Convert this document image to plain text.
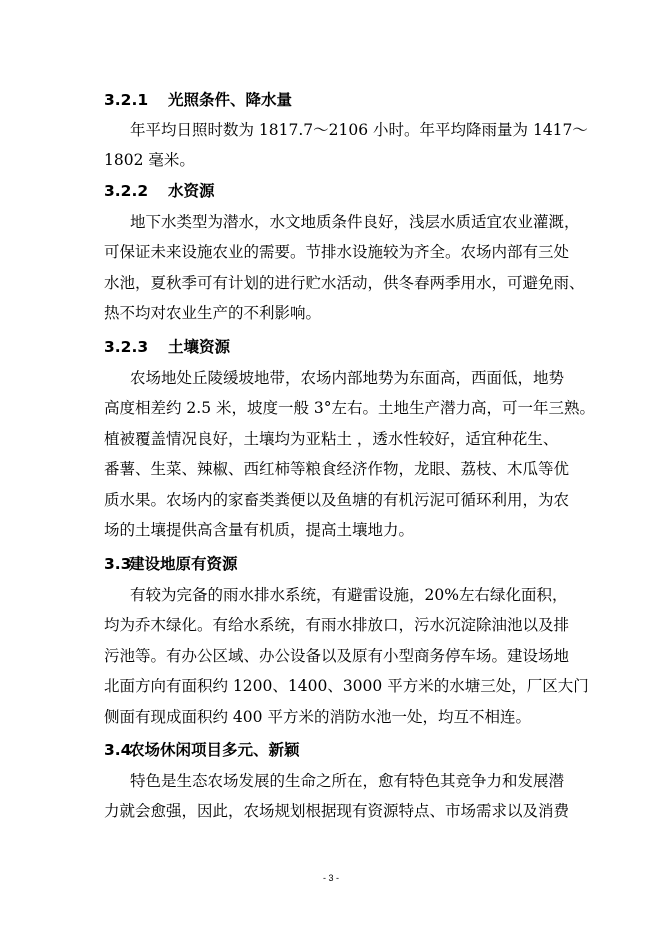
3.2.1 光照条件、降水量
年平均日照时数为 1817.7～2106 小时。年平均降雨量为 1417～
1802 毫米。
3.2.2 水资源
地下水类型为潜水，水文地质条件良好，浅层水质适宜农业灌溉，
可保证未来设施农业的需要。节排水设施较为齐全。农场内部有三处
水池，夏秋季可有计划的进行贮水活动，供冬春两季用水，可避免雨、
热不均对农业生产的不利影响。
3.2.3 土壤资源
农场地处丘陵缓坡地带，农场内部地势为东面高，西面低，地势
高度相差约 2.5 米，坡度一般 3°左右。土地生产潜力高，可一年三熟。
植被覆盖情况良好，土壤均为亚粘土 ，透水性较好，适宜种花生、
番薯、生菜、辣椒、西红柿等粮食经济作物，龙眼、荔枝、木瓜等优
质水果。农场内的家畜类粪便以及鱼塘的有机污泥可循环利用，为农
场的土壤提供高含量有机质，提高土壤地力。
3.3建设地原有资源
有较为完备的雨水排水系统，有避雷设施，20%左右绿化面积，
均为乔木绿化。有给水系统，有雨水排放口，污水沉淀除油池以及排
污池等。有办公区域、办公设备以及原有小型商务停车场。建设场地
北面方向有面积约 1200、1400、3000 平方米的水塘三处，厂区大门
侧面有现成面积约 400 平方米的消防水池一处，均互不相连。
3.4农场休闲项目多元、新颖
特色是生态农场发展的生命之所在，愈有特色其竞争力和发展潜
力就会愈强，因此，农场规划根据现有资源特点、市场需求以及消费
- 3 -
